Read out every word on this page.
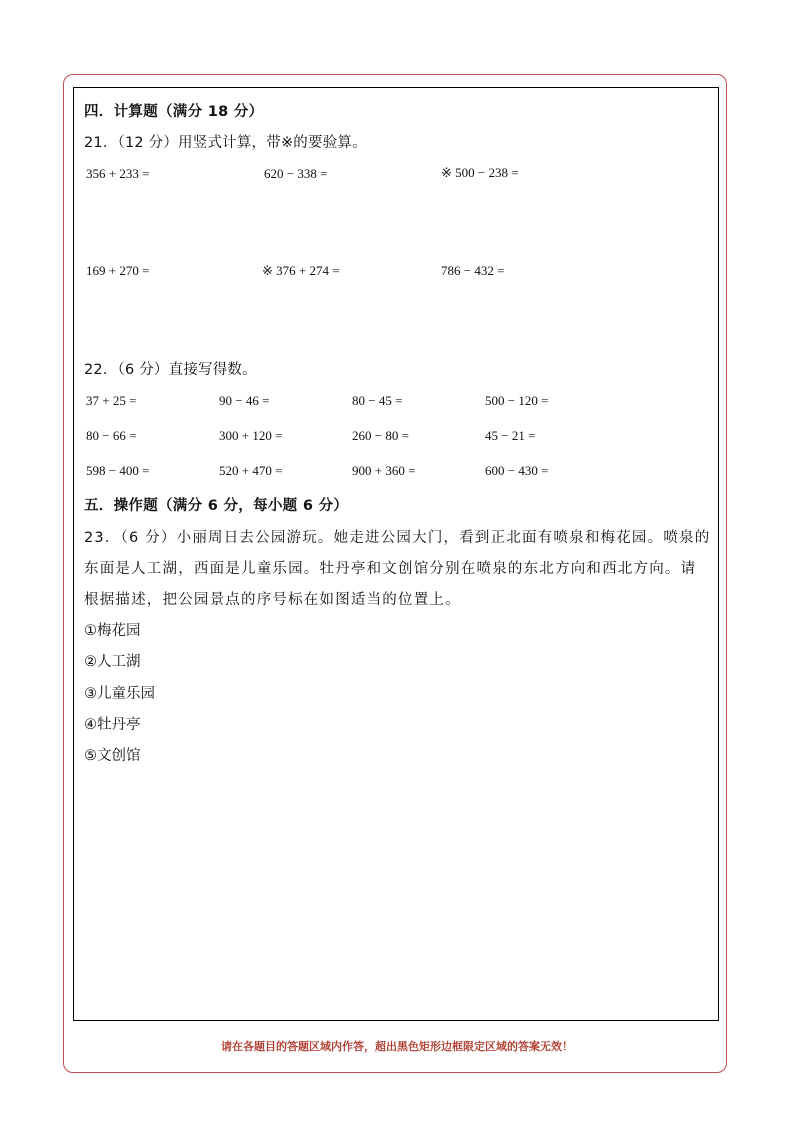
四．计算题（满分 18 分）

21．（12 分）用竖式计算，带※的要验算。

356 + 233 =	620 − 338 =	※ 500 − 238 =
169 + 270 =	※ 376 + 274 =	786 − 432 =

22．（6 分）直接写得数。

37 + 25 =	90 − 46 =	80 − 45 =	500 − 120 =
80 − 66 =	300 + 120 =	260 − 80 =	45 − 21 =
598 − 400 =	520 + 470 =	900 + 360 =	600 − 430 =

五．操作题（满分 6 分，每小题 6 分）

23．（6 分）小丽周日去公园游玩。她走进公园大门，看到正北面有喷泉和梅花园。喷泉的

东面是人工湖，西面是儿童乐园。牡丹亭和文创馆分别在喷泉的东北方向和西北方向。请

根据描述，把公园景点的序号标在如图适当的位置上。

①梅花园

②人工湖

③儿童乐园

④牡丹亭

⑤文创馆

请在各题目的答题区域内作答，超出黑色矩形边框限定区域的答案无效！
